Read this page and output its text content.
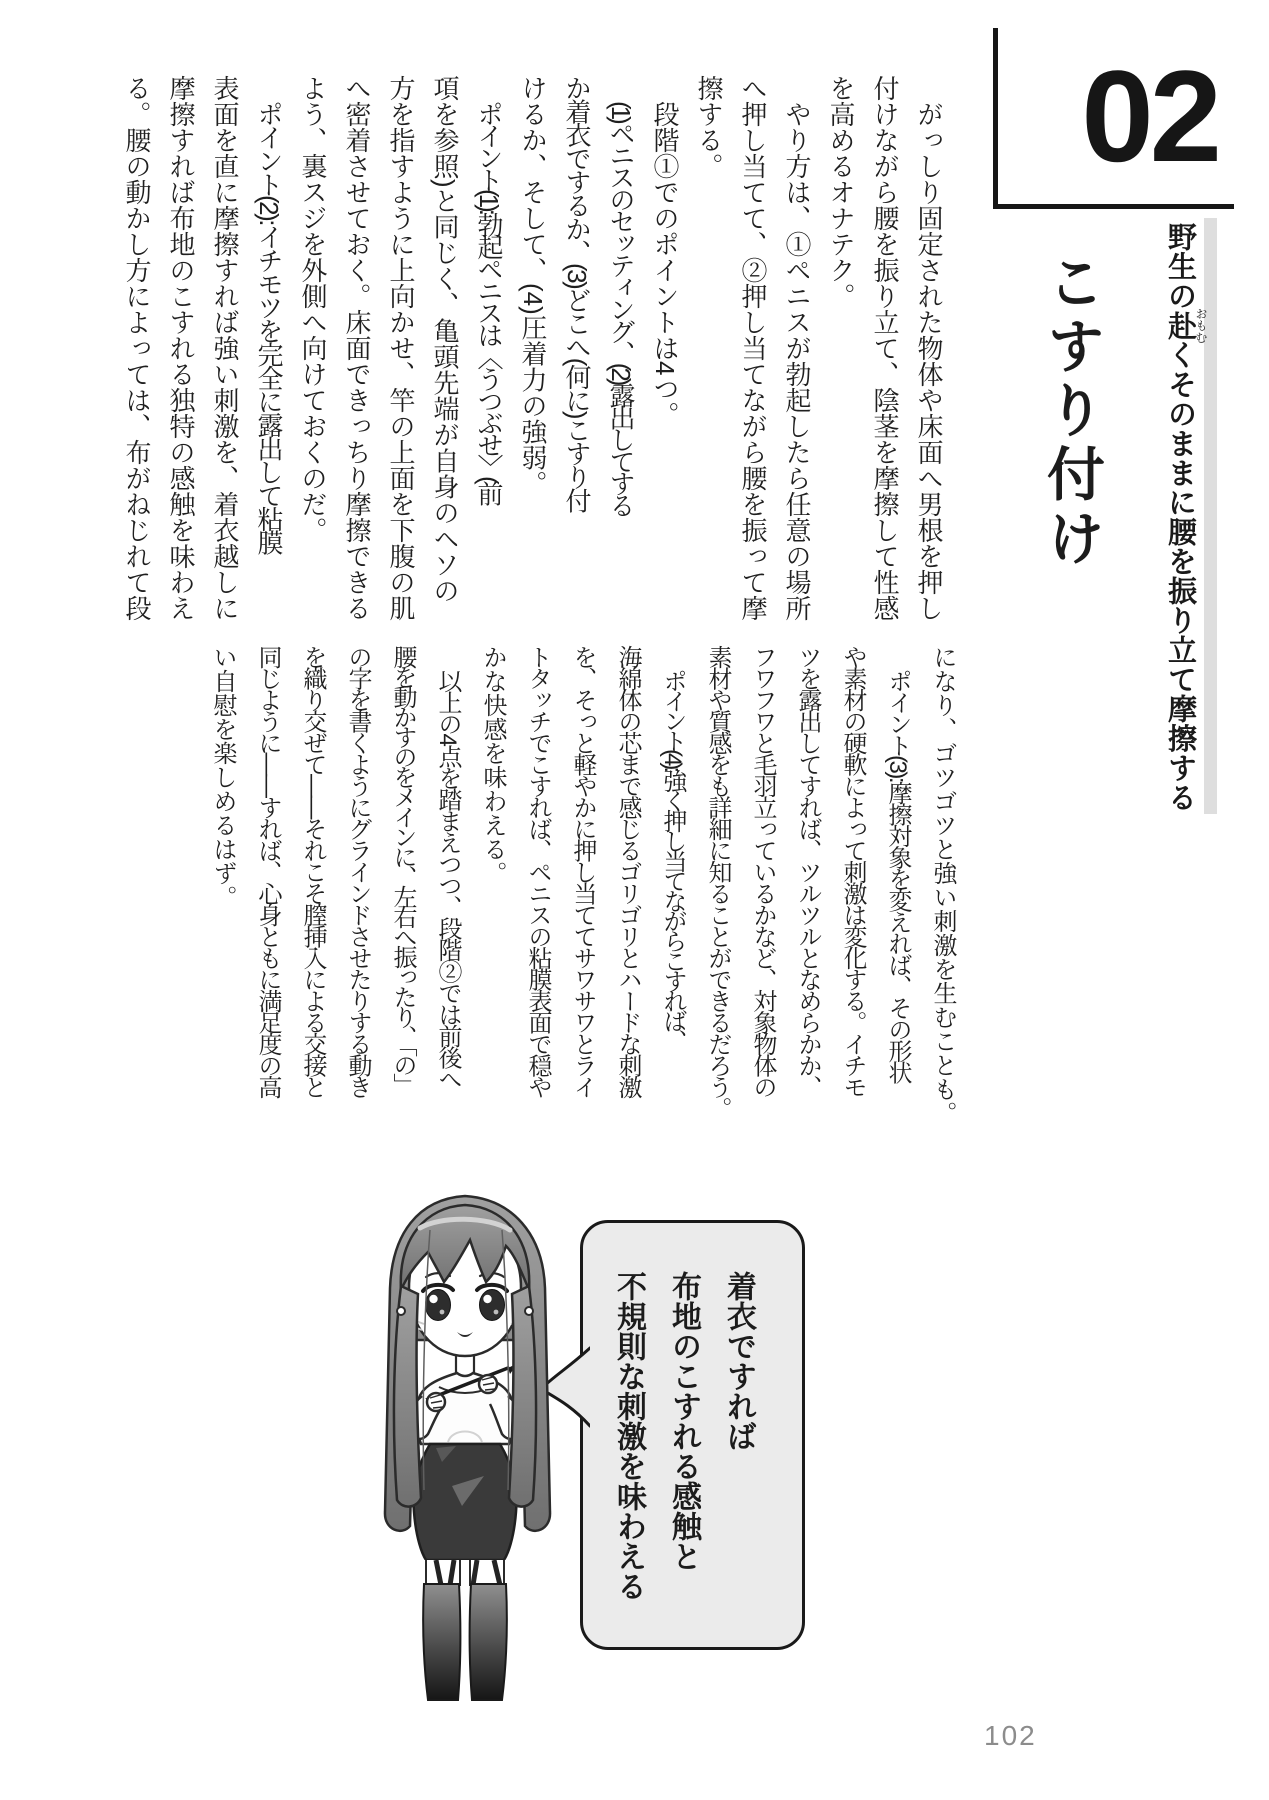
02
野生の赴おもむくそのままに腰を振り立て摩擦する
こすり付け
がっしり固定された物体や床面へ男根を押し
付けながら腰を振り立て、陰茎を摩擦して性感
を高めるオナテク。
やり方は、①ペニスが勃起したら任意の場所
へ押し当てて、②押し当てながら腰を振って摩
擦する。
段階①でのポイントは4つ。
(1)ペニスのセッティング、(2)露出してする
か着衣でするか、(3)どこへ(何に)こすり付
けるか、そして、(4)圧着力の強弱。
ポイント(1):勃起ペニスは〈うつぶせ〉(前
項を参照)と同じく、亀頭先端が自身のヘソの
方を指すように上向かせ、竿の上面を下腹の肌
へ密着させておく。床面できっちり摩擦できる
よう、裏スジを外側へ向けておくのだ。
ポイント(2):イチモツを完全に露出して粘膜
表面を直に摩擦すれば強い刺激を、着衣越しに
摩擦すれば布地のこすれる独特の感触を味わえ
る。腰の動かし方によっては、布がねじれて段
になり、ゴツゴツと強い刺激を生むことも。
ポイント(3):摩擦対象を変えれば、その形状
や素材の硬軟によって刺激は変化する。イチモ
ツを露出してすれば、ツルツルとなめらかか、
フワフワと毛羽立っているかなど、対象物体の
素材や質感をも詳細に知ることができるだろう。
ポイント(4):強く押し当てながらこすれば、
海綿体の芯まで感じるゴリゴリとハードな刺激
を、そっと軽やかに押し当ててサワサワとライ
トタッチでこすれば、ペニスの粘膜表面で穏や
かな快感を味わえる。
以上の4点を踏まえつつ、段階②では前後へ
腰を動かすのをメインに、左右へ振ったり、「の」
の字を書くようにグラインドさせたりする動き
を織り交ぜて——それこそ膣挿入による交接と
同じように——すれば、心身ともに満足度の高
い自慰を楽しめるはず。
着衣ですれば
布地のこすれる感触と
不規則な刺激を味わえる
102
